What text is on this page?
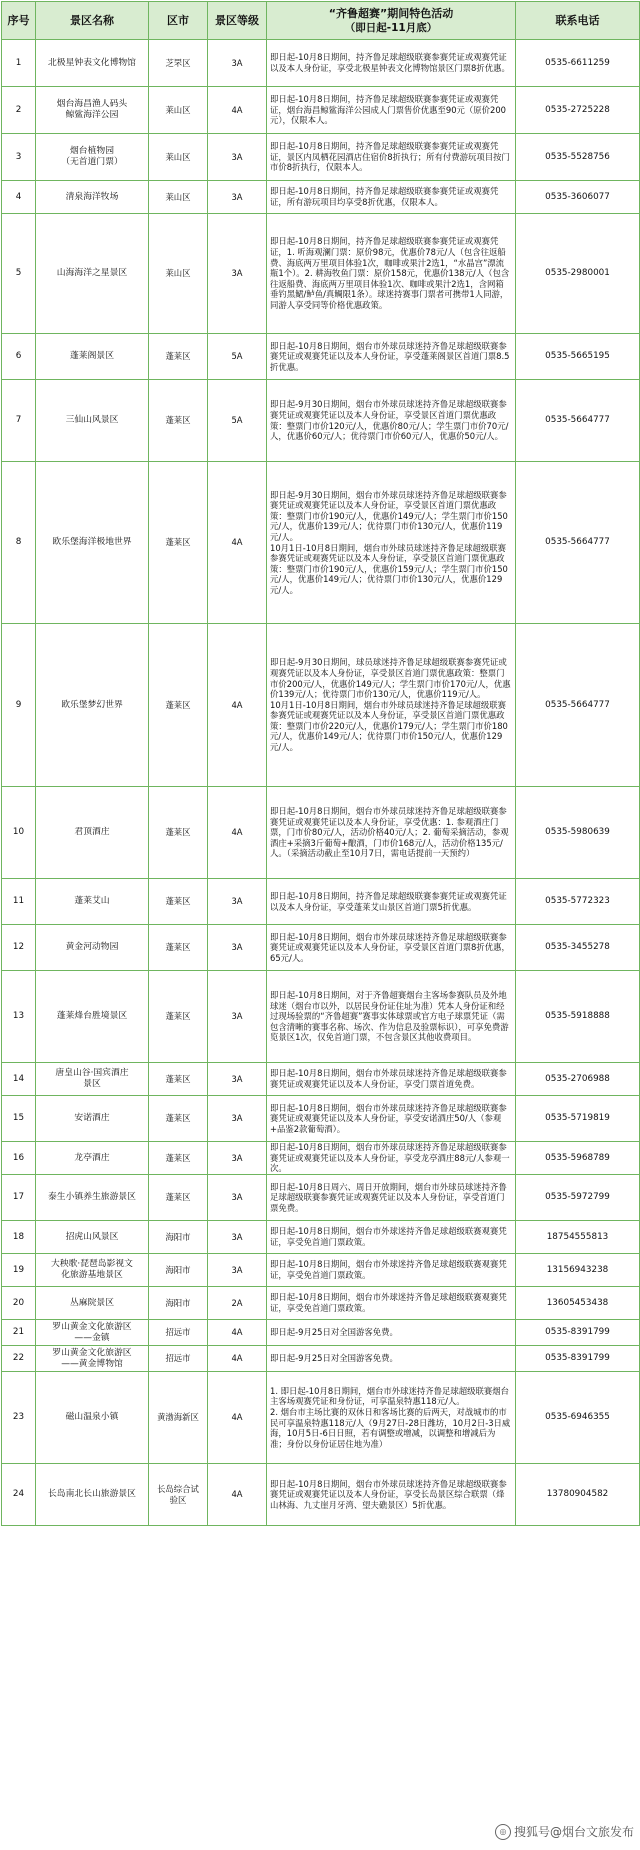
序号	景区名称	区市	景区等级	“齐鲁超赛”期间特色活动
（即日起-11月底）	联系电话
1	北极星钟表文化博物馆	芝罘区	3A	即日起-10月8日期间，持齐鲁足球超级联赛参赛凭证或观赛凭证以及本人身份证，享受北极星钟表文化博物馆景区门票8折优惠。	0535-6611259
2	烟台海昌渔人码头
鲸鲨海洋公园	莱山区	4A	即日起-10月8日期间，持齐鲁足球超级联赛参赛凭证或观赛凭证，烟台海昌鲸鲨海洋公园成人门票售价优惠至90元（原价200元），仅限本人。	0535-2725228
3	烟台植物园
（无首道门票）	莱山区	3A	即日起-10月8日期间，持齐鲁足球超级联赛参赛凭证或观赛凭证，景区内凤栖花园酒店住宿价8折执行；所有付费游玩项目按门市价8折执行，仅限本人。	0535-5528756
4	清泉海洋牧场	莱山区	3A	即日起-10月8日期间，持齐鲁足球超级联赛参赛凭证或观赛凭证，所有游玩项目均享受8折优惠，仅限本人。	0535-3606077
5	山海海洋之星景区	莱山区	3A	即日起-10月8日期间，持齐鲁足球超级联赛参赛凭证或观赛凭证，1. 听海观澜门票：原价98元，优惠价78元/人（包含往返船费、海底两万里项目体验1次，咖啡或果汁2选1，“水晶宫”漂流瓶1个）。2. 耕海牧鱼门票：原价158元，优惠价138元/人（包含往返船费、海底两万里项目体验1次、咖啡或果汁2选1，含网箱垂钓黑鲪/鲈鱼/真鲷限1条）。球迷持赛事门票者可携带1人同游，同游人享受同等价格优惠政策。	0535-2980001
6	蓬莱阁景区	蓬莱区	5A	即日起-10月8日期间，烟台市外球员球迷持齐鲁足球超级联赛参赛凭证或观赛凭证以及本人身份证，享受蓬莱阁景区首道门票8.5折优惠。	0535-5665195
7	三仙山风景区	蓬莱区	5A	即日起-9月30日期间，烟台市外球员球迷持齐鲁足球超级联赛参赛凭证或观赛凭证以及本人身份证，享受景区首道门票优惠政策：整票门市价120元/人，优惠价80元/人；学生票门市价70元/人，优惠价60元/人；优待票门市价60元/人，优惠价50元/人。	0535-5664777
8	欧乐堡海洋极地世界	蓬莱区	4A	即日起-9月30日期间，烟台市外球员球迷持齐鲁足球超级联赛参赛凭证或观赛凭证以及本人身份证，享受景区首道门票优惠政策：整票门市价190元/人，优惠价149元/人；学生票门市价150元/人，优惠价139元/人；优待票门市价130元/人，优惠价119元/人。
10月1日-10月8日期间，烟台市外球员球迷持齐鲁足球超级联赛参赛凭证或观赛凭证以及本人身份证，享受景区首道门票优惠政策：整票门市价190元/人，优惠价159元/人；学生票门市价150元/人，优惠价149元/人；优待票门市价130元/人，优惠价129元/人。	0535-5664777
9	欧乐堡梦幻世界	蓬莱区	4A	即日起-9月30日期间，球员球迷持齐鲁足球超级联赛参赛凭证或观赛凭证以及本人身份证，享受景区首道门票优惠政策：整票门市价200元/人，优惠价149元/人；学生票门市价170元/人，优惠价139元/人；优待票门市价130元/人，优惠价119元/人。
10月1日-10月8日期间，烟台市外球员球迷持齐鲁足球超级联赛参赛凭证或观赛凭证以及本人身份证，享受景区首道门票优惠政策：整票门市价220元/人，优惠价179元/人；学生票门市价180元/人，优惠价149元/人；优待票门市价150元/人，优惠价129元/人。	0535-5664777
10	君顶酒庄	蓬莱区	4A	即日起-10月8日期间，烟台市外球员球迷持齐鲁足球超级联赛参赛凭证或观赛凭证以及本人身份证，享受优惠：1. 参观酒庄门票，门市价80元/人，活动价格40元/人；2. 葡萄采摘活动，参观酒庄+采摘3斤葡萄+酿酒，门市价168元/人，活动价格135元/人。（采摘活动截止至10月7日，需电话提前一天预约）	0535-5980639
11	蓬莱艾山	蓬莱区	3A	即日起-10月8日期间，持齐鲁足球超级联赛参赛凭证或观赛凭证以及本人身份证，享受蓬莱艾山景区首道门票5折优惠。	0535-5772323
12	黄金河动物园	蓬莱区	3A	即日起-10月8日期间，烟台市外球员球迷持齐鲁足球超级联赛参赛凭证或观赛凭证以及本人身份证，享受景区首道门票8折优惠，65元/人。	0535-3455278
13	蓬莱烽台胜境景区	蓬莱区	3A	即日起-10月8日期间，对于齐鲁超赛烟台主客场参赛队员及外地球迷（烟台市以外，以居民身份证住址为准）凭本人身份证和经过现场验票的“齐鲁超赛”赛事实体球票或官方电子球票凭证（需包含清晰的赛事名称、场次、作为信息及验票标识），可享免费游览景区1次，仅免首道门票，不包含景区其他收费项目。	0535-5918888
14	唐皇山谷·国宾酒庄
景区	蓬莱区	3A	即日起-10月8日期间，烟台市外球员球迷持齐鲁足球超级联赛参赛凭证或观赛凭证以及本人身份证，享受门票首道免费。	0535-2706988
15	安诺酒庄	蓬莱区	3A	即日起-10月8日期间，烟台市外球员球迷持齐鲁足球超级联赛参赛凭证或观赛凭证以及本人身份证，享受安诺酒庄50/人（参观+品鉴2款葡萄酒）。	0535-5719819
16	龙亭酒庄	蓬莱区	3A	即日起-10月8日期间，烟台市外球员球迷持齐鲁足球超级联赛参赛凭证或观赛凭证以及本人身份证，享受龙亭酒庄88元/人参观一次。	0535-5968789
17	泰生小镇养生旅游景区	蓬莱区	3A	即日起-10月8日周六、周日开放期间，烟台市外球员球迷持齐鲁足球超级联赛参赛凭证或观赛凭证以及本人身份证，享受首道门票免费。	0535-5972799
18	招虎山风景区	海阳市	3A	即日起-10月8日期间，烟台市外球迷持齐鲁足球超级联赛观赛凭证，享受免首道门票政策。	18754555813
19	大秧歌·琵琶岛影视文
化旅游基地景区	海阳市	3A	即日起-10月8日期间，烟台市外球迷持齐鲁足球超级联赛观赛凭证，享受免首道门票政策。	13156943238
20	丛麻院景区	海阳市	2A	即日起-10月8日期间，烟台市外球迷持齐鲁足球超级联赛观赛凭证，享受免首道门票政策。	13605453438
21	罗山黄金文化旅游区
——金镇	招远市	4A	即日起-9月25日对全国游客免费。	0535-8391799
22	罗山黄金文化旅游区
——黄金博物馆	招远市	4A	即日起-9月25日对全国游客免费。	0535-8391799
23	磁山温泉小镇	黄渤海新区	4A	1. 即日起-10月8日期间，烟台市外球迷持齐鲁足球超级联赛烟台主客场观赛凭证和身份证，可享温泉特惠118元/人。
2. 烟台市主场比赛的双休日和客场比赛的后两天，对战城市的市民可享温泉特惠118元/人（9月27日-28日潍坊，10月2日-3日威海，10月5日-6日日照，若有调整或增减，以调整和增减后为准；身份以身份证居住地为准）	0535-6946355
24	长岛南北长山旅游景区	长岛综合试
验区	4A	即日起-10月8日期间，烟台市外球员球迷持齐鲁足球超级联赛参赛凭证或观赛凭证以及本人身份证，享受长岛景区综合联票（烽山林海、九丈崖月牙湾、望夫礁景区）5折优惠。	13780904582
◎ 搜狐号@烟台文旅发布
